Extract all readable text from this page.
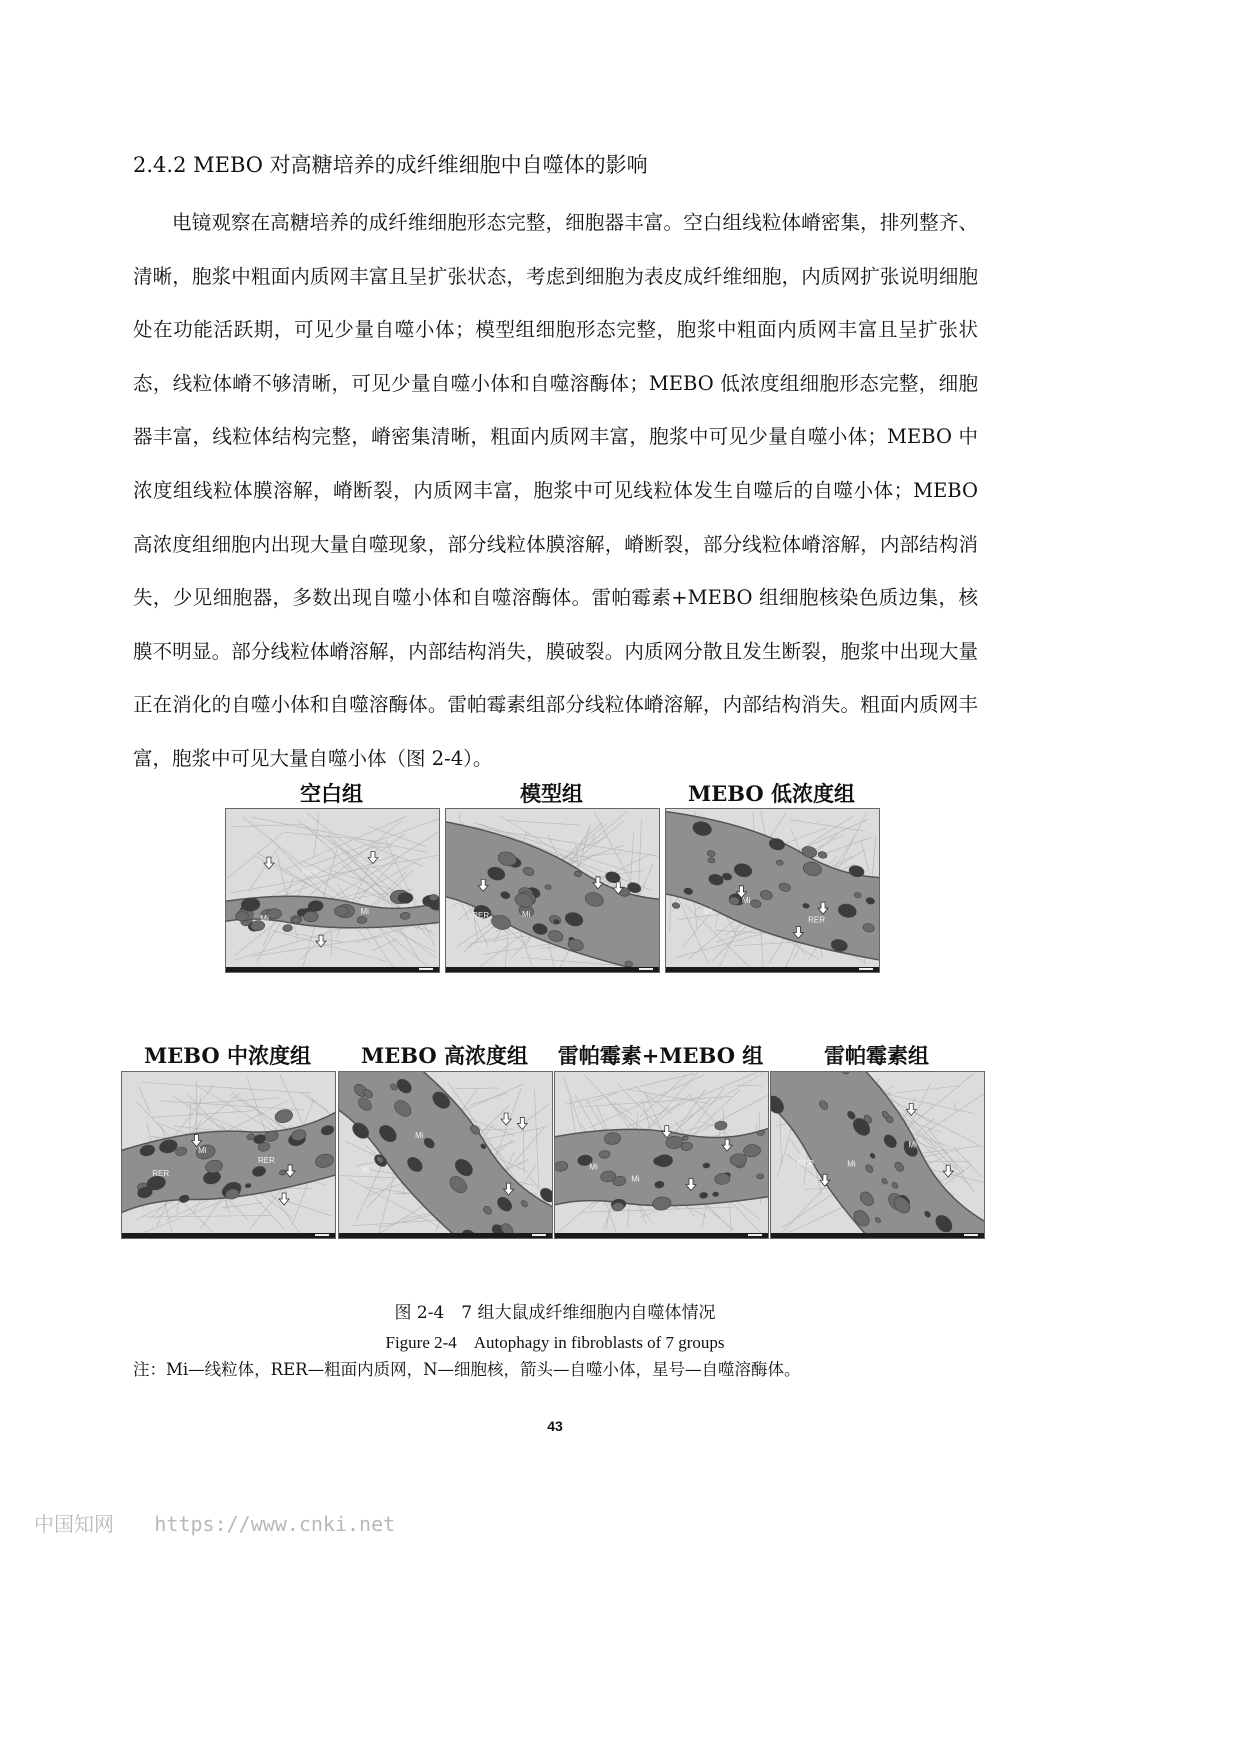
2.4.2 MEBO 对高糖培养的成纤维细胞中自噬体的影响
电镜观察在高糖培养的成纤维细胞形态完整，细胞器丰富。空白组线粒体嵴密集，排列整齐、清晰，胞浆中粗面内质网丰富且呈扩张状态，考虑到细胞为表皮成纤维细胞，内质网扩张说明细胞处在功能活跃期，可见少量自噬小体；模型组细胞形态完整，胞浆中粗面内质网丰富且呈扩张状态，线粒体嵴不够清晰，可见少量自噬小体和自噬溶酶体；MEBO 低浓度组细胞形态完整，细胞器丰富，线粒体结构完整，嵴密集清晰，粗面内质网丰富，胞浆中可见少量自噬小体；MEBO 中浓度组线粒体膜溶解，嵴断裂，内质网丰富，胞浆中可见线粒体发生自噬后的自噬小体；MEBO 高浓度组细胞内出现大量自噬现象，部分线粒体膜溶解，嵴断裂，部分线粒体嵴溶解，内部结构消失，少见细胞器，多数出现自噬小体和自噬溶酶体。雷帕霉素+MEBO 组细胞核染色质边集，核膜不明显。部分线粒体嵴溶解，内部结构消失，膜破裂。内质网分散且发生断裂，胞浆中出现大量正在消化的自噬小体和自噬溶酶体。雷帕霉素组部分线粒体嵴溶解，内部结构消失。粗面内质网丰富，胞浆中可见大量自噬小体（图 2-4）。
空白组
Mi
RER
Mi
模型组
RER	Mi
MEBO 低浓度组
Mi
Mi
RER
MEBO 中浓度组
RER
Mi
RER
MEBO 高浓度组
Mi
Mi
雷帕霉素+MEBO 组
Mi
Mi
雷帕霉素组
RER	Mi
Mi
图 2-4　7 组大鼠成纤维细胞内自噬体情况
Figure 2-4　Autophagy in fibroblasts of 7 groups
注：Mi—线粒体，RER—粗面内质网，N—细胞核，箭头—自噬小体，星号—自噬溶酶体。
43
中国知网 https://www.cnki.net
